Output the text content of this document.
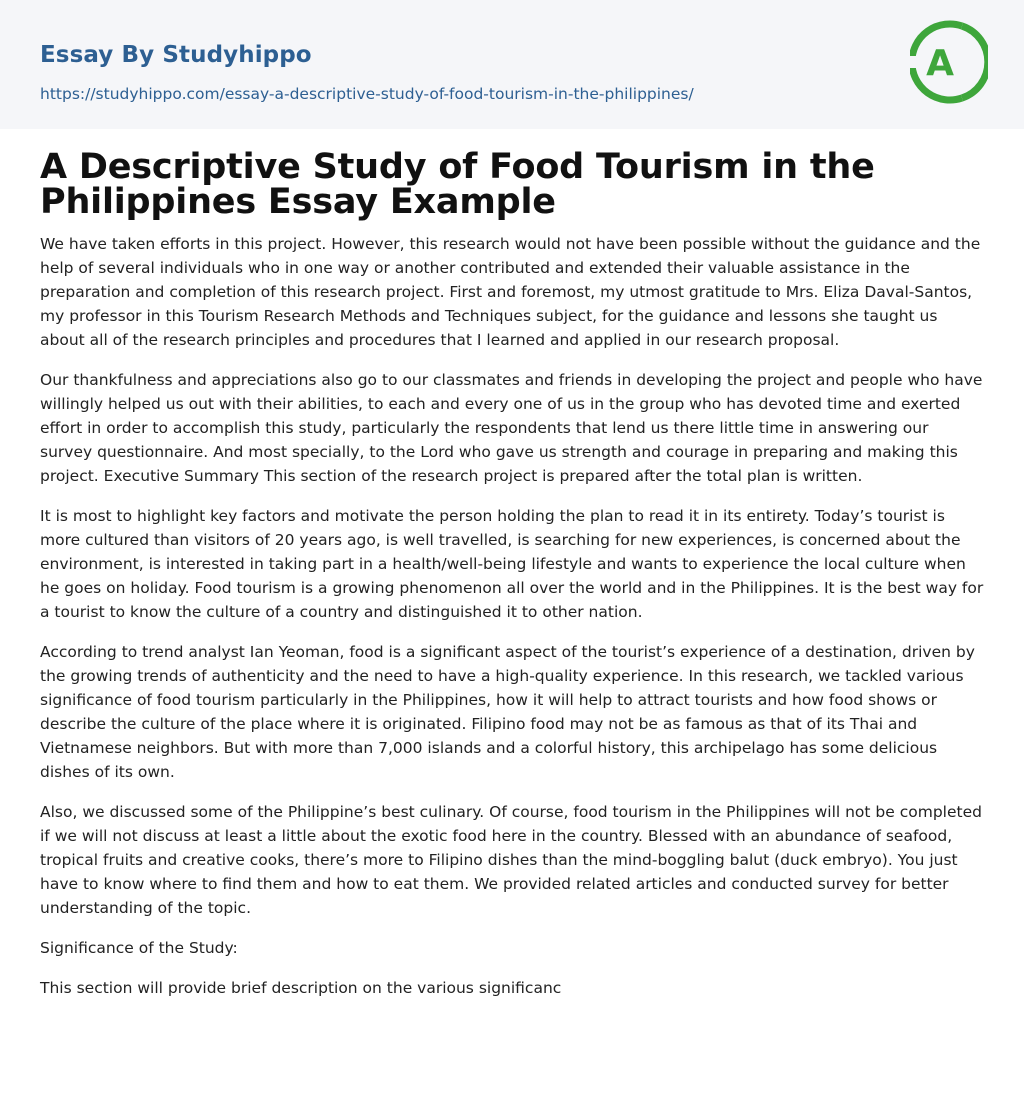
Essay By Studyhippo
https://studyhippo.com/essay-a-descriptive-study-of-food-tourism-in-the-philippines/
A
A Descriptive Study of Food Tourism in the
Philippines Essay Example

We have taken efforts in this project. However, this research would not have been possible without the guidance and the help of several individuals who in one way or another contributed and extended their valuable assistance in the preparation and completion of this research project. First and foremost, my utmost gratitude to Mrs. Eliza Daval-Santos, my professor in this Tourism Research Methods and Techniques subject, for the guidance and lessons she taught us about all of the research principles and procedures that I learned and applied in our research proposal.

Our thankfulness and appreciations also go to our classmates and friends in developing the project and people who have willingly helped us out with their abilities, to each and every one of us in the group who has devoted time and exerted effort in order to accomplish this study, particularly the respondents that lend us there little time in answering our survey questionnaire. And most specially, to the Lord who gave us strength and courage in preparing and making this project. Executive Summary This section of the research project is prepared after the total plan is written.

It is most to highlight key factors and motivate the person holding the plan to read it in its entirety. Today’s tourist is more cultured than visitors of 20 years ago, is well travelled, is searching for new experiences, is concerned about the environment, is interested in taking part in a health/well-being lifestyle and wants to experience the local culture when he goes on holiday. Food tourism is a growing phenomenon all over the world and in the Philippines. It is the best way for a tourist to know the culture of a country and distinguished it to other nation.

According to trend analyst Ian Yeoman, food is a significant aspect of the tourist’s experience of a destination, driven by the growing trends of authenticity and the need to have a high-quality experience. In this research, we tackled various significance of food tourism particularly in the Philippines, how it will help to attract tourists and how food shows or describe the culture of the place where it is originated. Filipino food may not be as famous as that of its Thai and Vietnamese neighbors. But with more than 7,000 islands and a colorful history, this archipelago has some delicious dishes of its own.

Also, we discussed some of the Philippine’s best culinary. Of course, food tourism in the Philippines will not be completed if we will not discuss at least a little about the exotic food here in the country. Blessed with an abundance of seafood, tropical fruits and creative cooks, there’s more to Filipino dishes than the mind-boggling balut (duck embryo). You just have to know where to find them and how to eat them. We provided related articles and conducted survey for better understanding of the topic.

Significance of the Study:

This section will provide brief description on the various significanc
